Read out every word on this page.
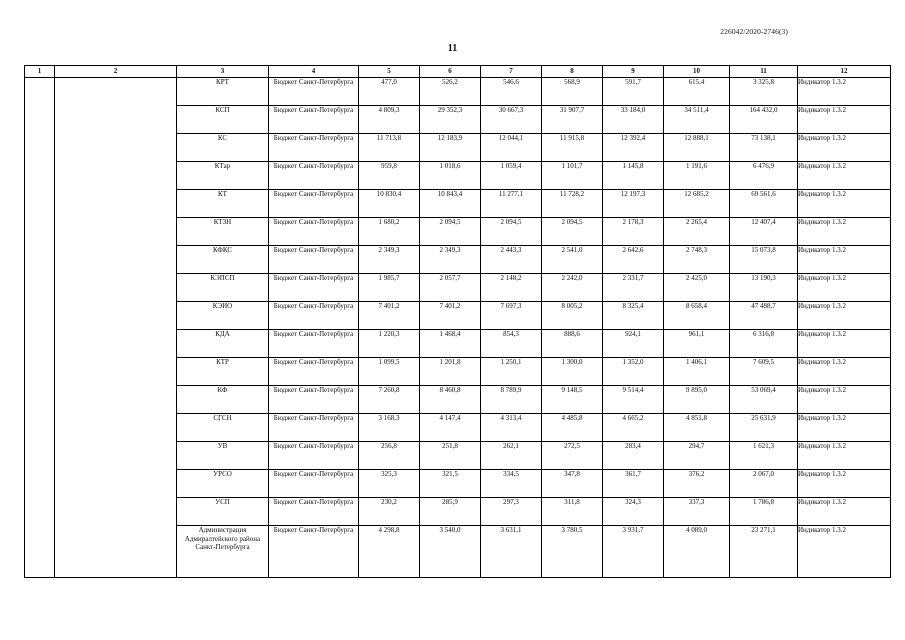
226042/2020-2746(3)
11
1	2	3	4	5	6	7	8	9	10	11	12
		КРТ	Бюджет Санкт-Петербурга	477,0	526,2	546,6	568,9	591,7	615,4	3 325,8	Индикатор 1.3.2
		КСП	Бюджет Санкт-Петербурга	4 809,3	29 352,3	30 667,3	31 907,7	33 184,0	34 511,4	164 432,0	Индикатор 1.3.2
		КС	Бюджет Санкт-Петербурга	11 713,8	12 183,9	12 044,1	11 915,8	12 392,4	12 888,1	73 138,1	Индикатор 1.3.2
		КТар	Бюджет Санкт-Петербурга	959,8	1 018,6	1 059,4	1 101,7	1 145,8	1 191,6	6 476,9	Индикатор 1.3.2
		КТ	Бюджет Санкт-Петербурга	10 830,4	10 843,4	11 277,1	11 728,2	12 197,3	12 685,2	69 561,6	Индикатор 1.3.2
		КТЗН	Бюджет Санкт-Петербурга	1 680,2	2 094,5	2 094,5	2 094,5	2 178,3	2 265,4	12 407,4	Индикатор 1.3.2
		КФКС	Бюджет Санкт-Петербурга	2 349,3	2 349,3	2 443,3	2 541,0	2 642,6	2 748,3	15 073,8	Индикатор 1.3.2
		КЭПСП	Бюджет Санкт-Петербурга	1 985,7	2 057,7	2 148,2	2 242,0	2 331,7	2 425,0	13 190,3	Индикатор 1.3.2
		КЭИО	Бюджет Санкт-Петербурга	7 401,2	7 401,2	7 697,3	8 005,2	8 325,4	8 658,4	47 488,7	Индикатор 1.3.2
		КДА	Бюджет Санкт-Петербурга	1 220,3	1 468,4	854,3	888,6	924,1	961,1	6 316,8	Индикатор 1.3.2
		КТР	Бюджет Санкт-Петербурга	1 099,5	1 201,8	1 250,1	1 300,0	1 352,0	1 406,1	7 609,5	Индикатор 1.3.2
		КФ	Бюджет Санкт-Петербурга	7 260,8	8 460,8	8 789,9	9 148,5	9 514,4	9 895,0	53 069,4	Индикатор 1.3.2
		СГСН	Бюджет Санкт-Петербурга	3 168,3	4 147,4	4 313,4	4 485,8	4 665,2	4 851,8	25 631,9	Индикатор 1.3.2
		УВ	Бюджет Санкт-Петербурга	256,8	251,8	262,1	272,5	283,4	294,7	1 621,3	Индикатор 1.3.2
		УРСО	Бюджет Санкт-Петербурга	325,3	321,5	334,5	347,8	361,7	376,2	2 067,0	Индикатор 1.3.2
		УСП	Бюджет Санкт-Петербурга	230,2	285,9	297,3	311,8	324,3	337,3	1 786,8	Индикатор 1.3.2
		Администрация Адмиралтейского района Санкт-Петербурга	Бюджет Санкт-Петербурга	4 298,8	3 540,0	3 631,1	3 780,5	3 931,7	4 089,0	23 271,1	Индикатор 1.3.2
